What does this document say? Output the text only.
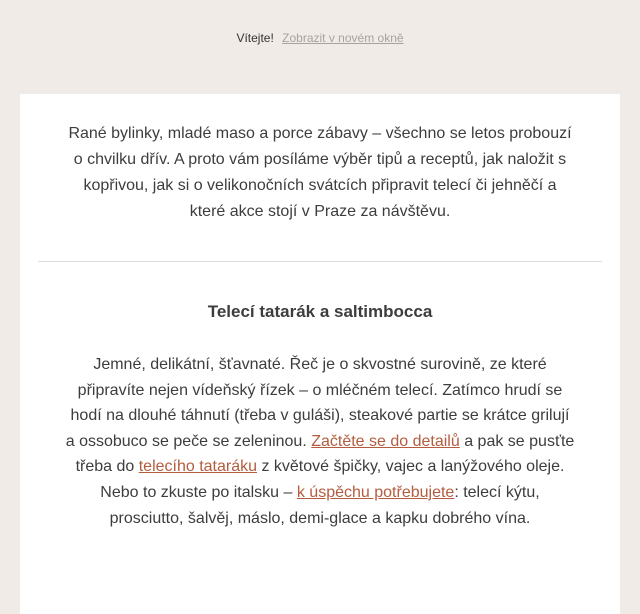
Vítejte! Zobrazit v novém okně

Rané bylinky, mladé maso a porce zábavy – všechno se letos probouzí o chvilku dřív. A proto vám posíláme výběr tipů a receptů, jak naložit s kopřivou, jak si o velikonočních svátcích připravit telecí či jehněčí a které akce stojí v Praze za návštěvu.

Telecí tatarák a saltimbocca

Jemné, delikátní, šťavnaté. Řeč je o skvostné surovině, ze které připravíte nejen vídeňský řízek – o mléčném telecí. Zatímco hrudí se hodí na dlouhé táhnutí (třeba v guláši), steakové partie se krátce grilují a ossobuco se peče se zeleninou. Začtěte se do detailů a pak se pusťte třeba do telecího tataráku z květové špičky, vajec a lanýžového oleje. Nebo to zkuste po italsku – k úspěchu potřebujete: telecí kýtu, prosciutto, šalvěj, máslo, demi-glace a kapku dobrého vína.
